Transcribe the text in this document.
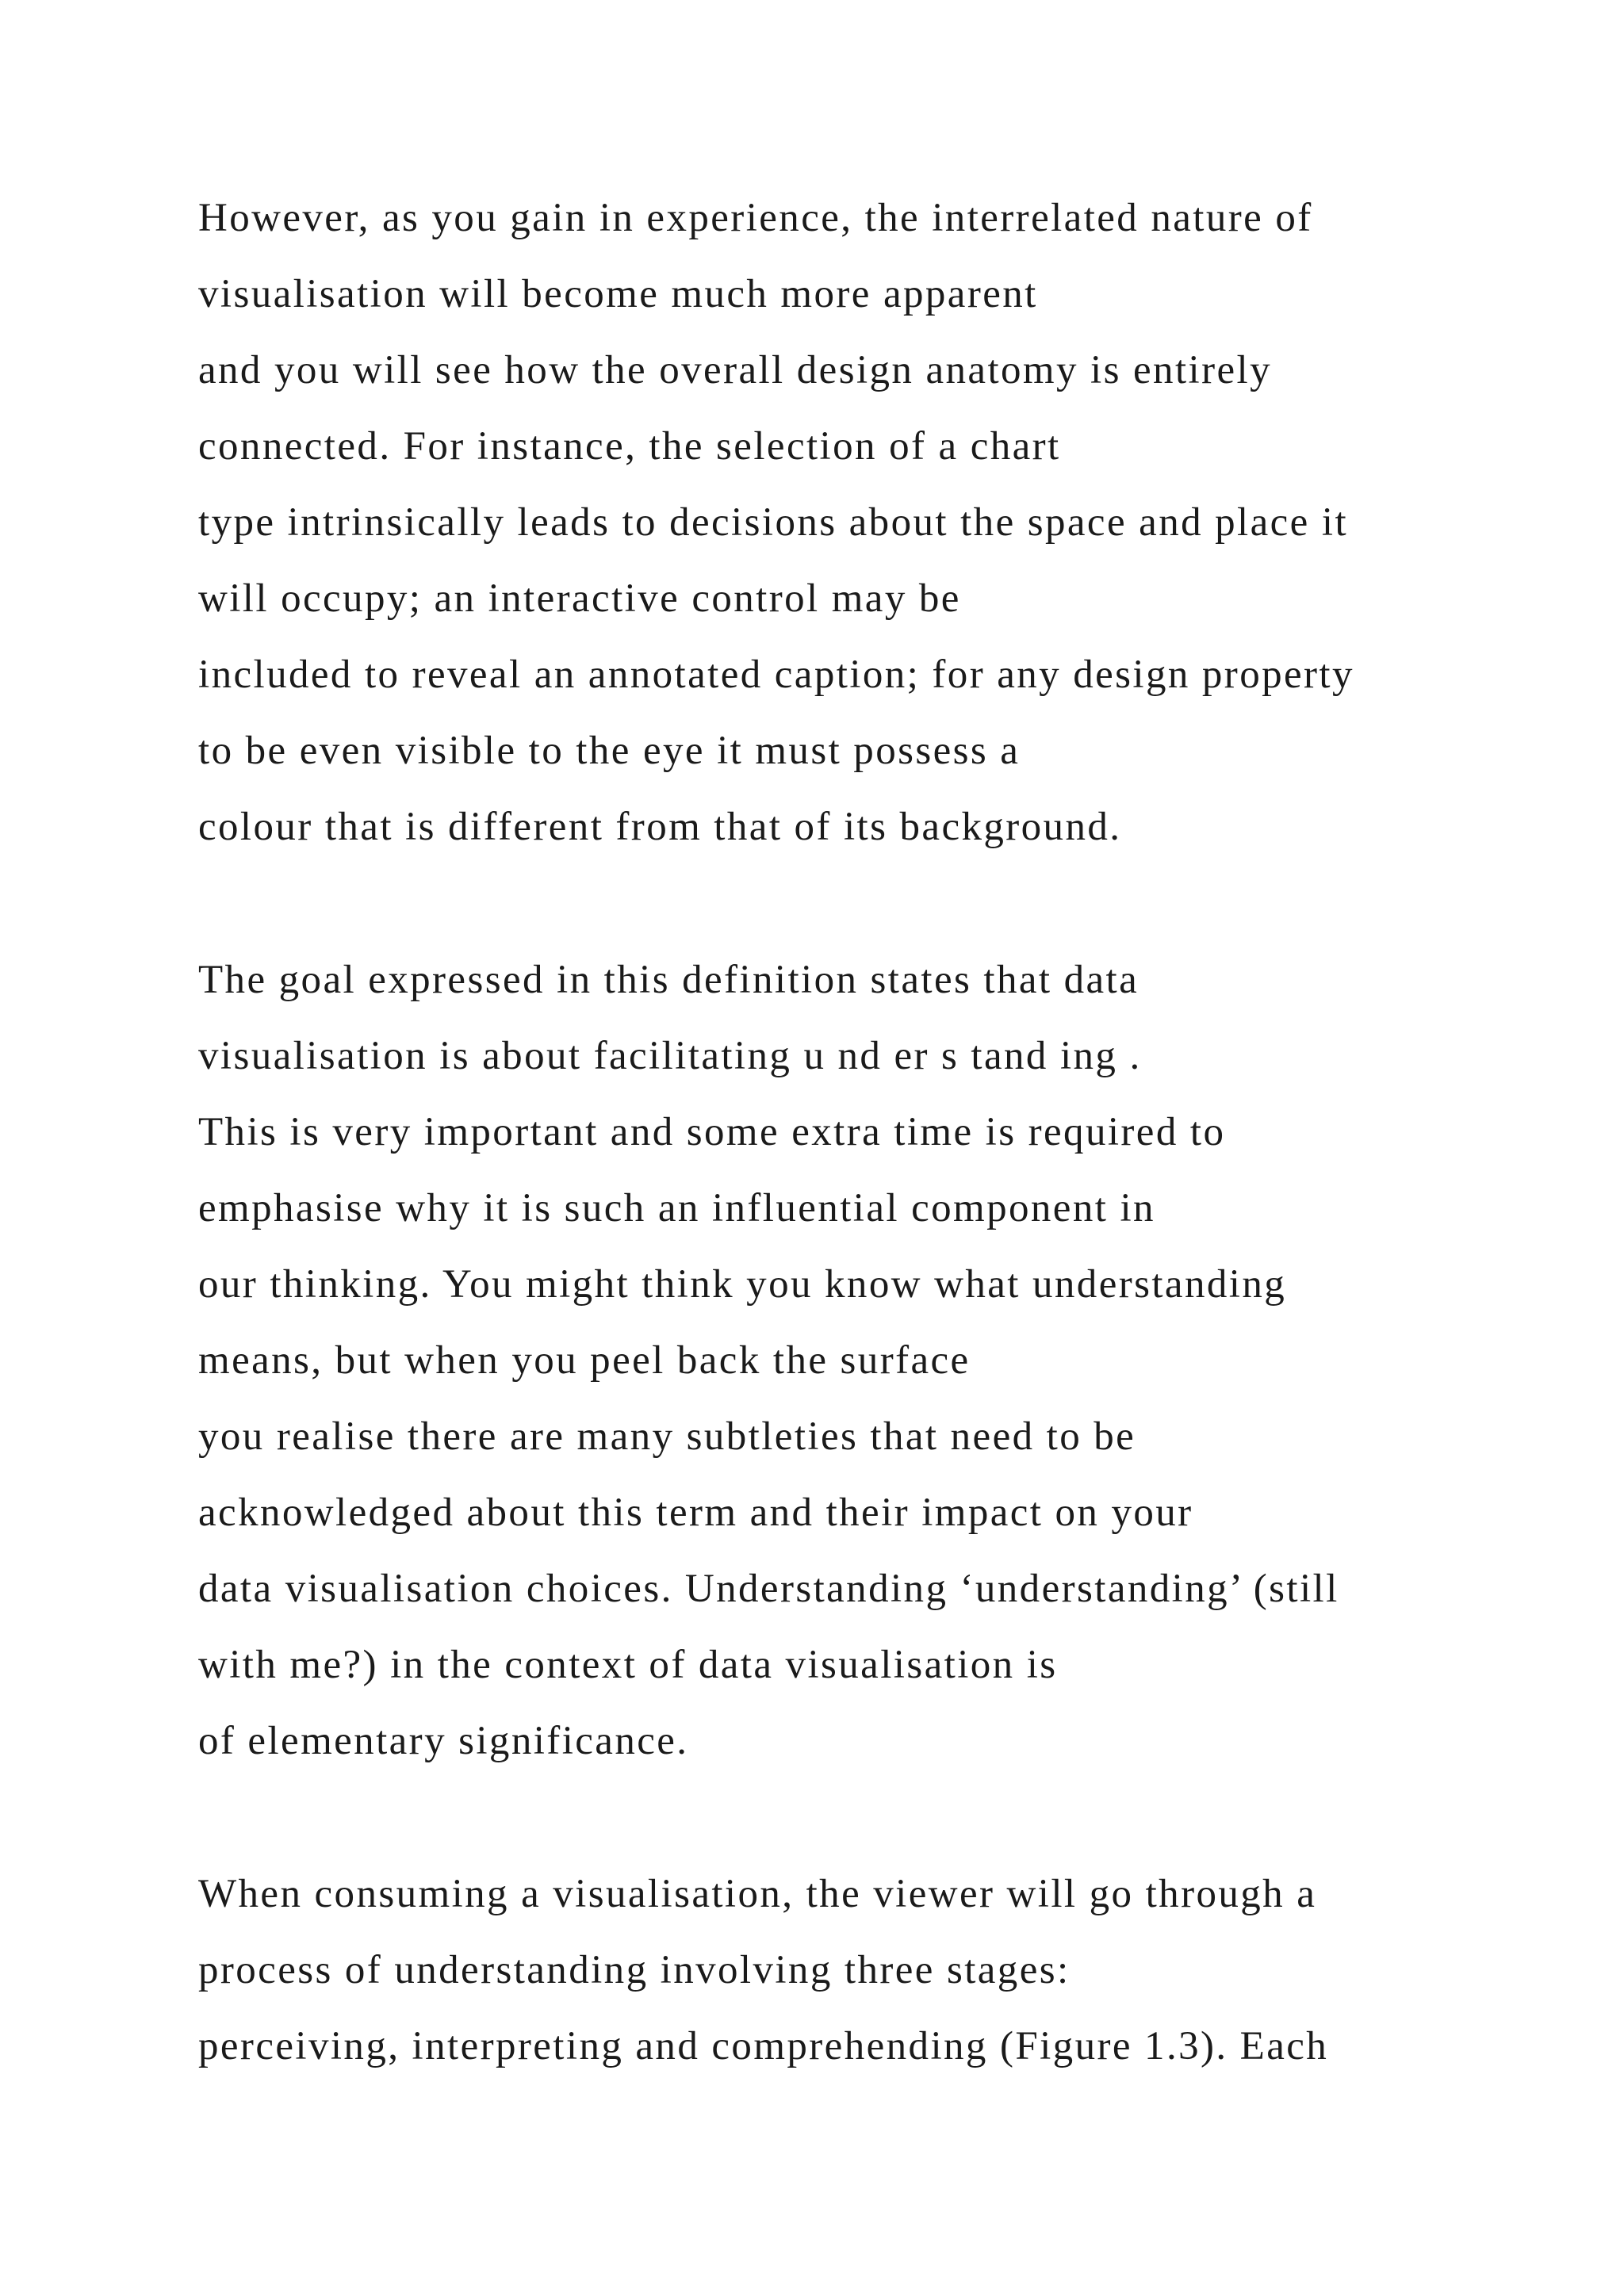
However, as you gain in experience, the interrelated nature of
visualisation will become much more apparent
and you will see how the overall design anatomy is entirely
connected. For instance, the selection of a chart
type intrinsically leads to decisions about the space and place it
will occupy; an interactive control may be
included to reveal an annotated caption; for any design property
to be even visible to the eye it must possess a
colour that is different from that of its background.
The goal expressed in this definition states that data
visualisation is about facilitating u nd er s tand ing .
This is very important and some extra time is required to
emphasise why it is such an influential component in
our thinking. You might think you know what understanding
means, but when you peel back the surface
you realise there are many subtleties that need to be
acknowledged about this term and their impact on your
data visualisation choices. Understanding ‘understanding’ (still
with me?) in the context of data visualisation is
of elementary significance.
When consuming a visualisation, the viewer will go through a
process of understanding involving three stages:
perceiving, interpreting and comprehending (Figure 1.3). Each
